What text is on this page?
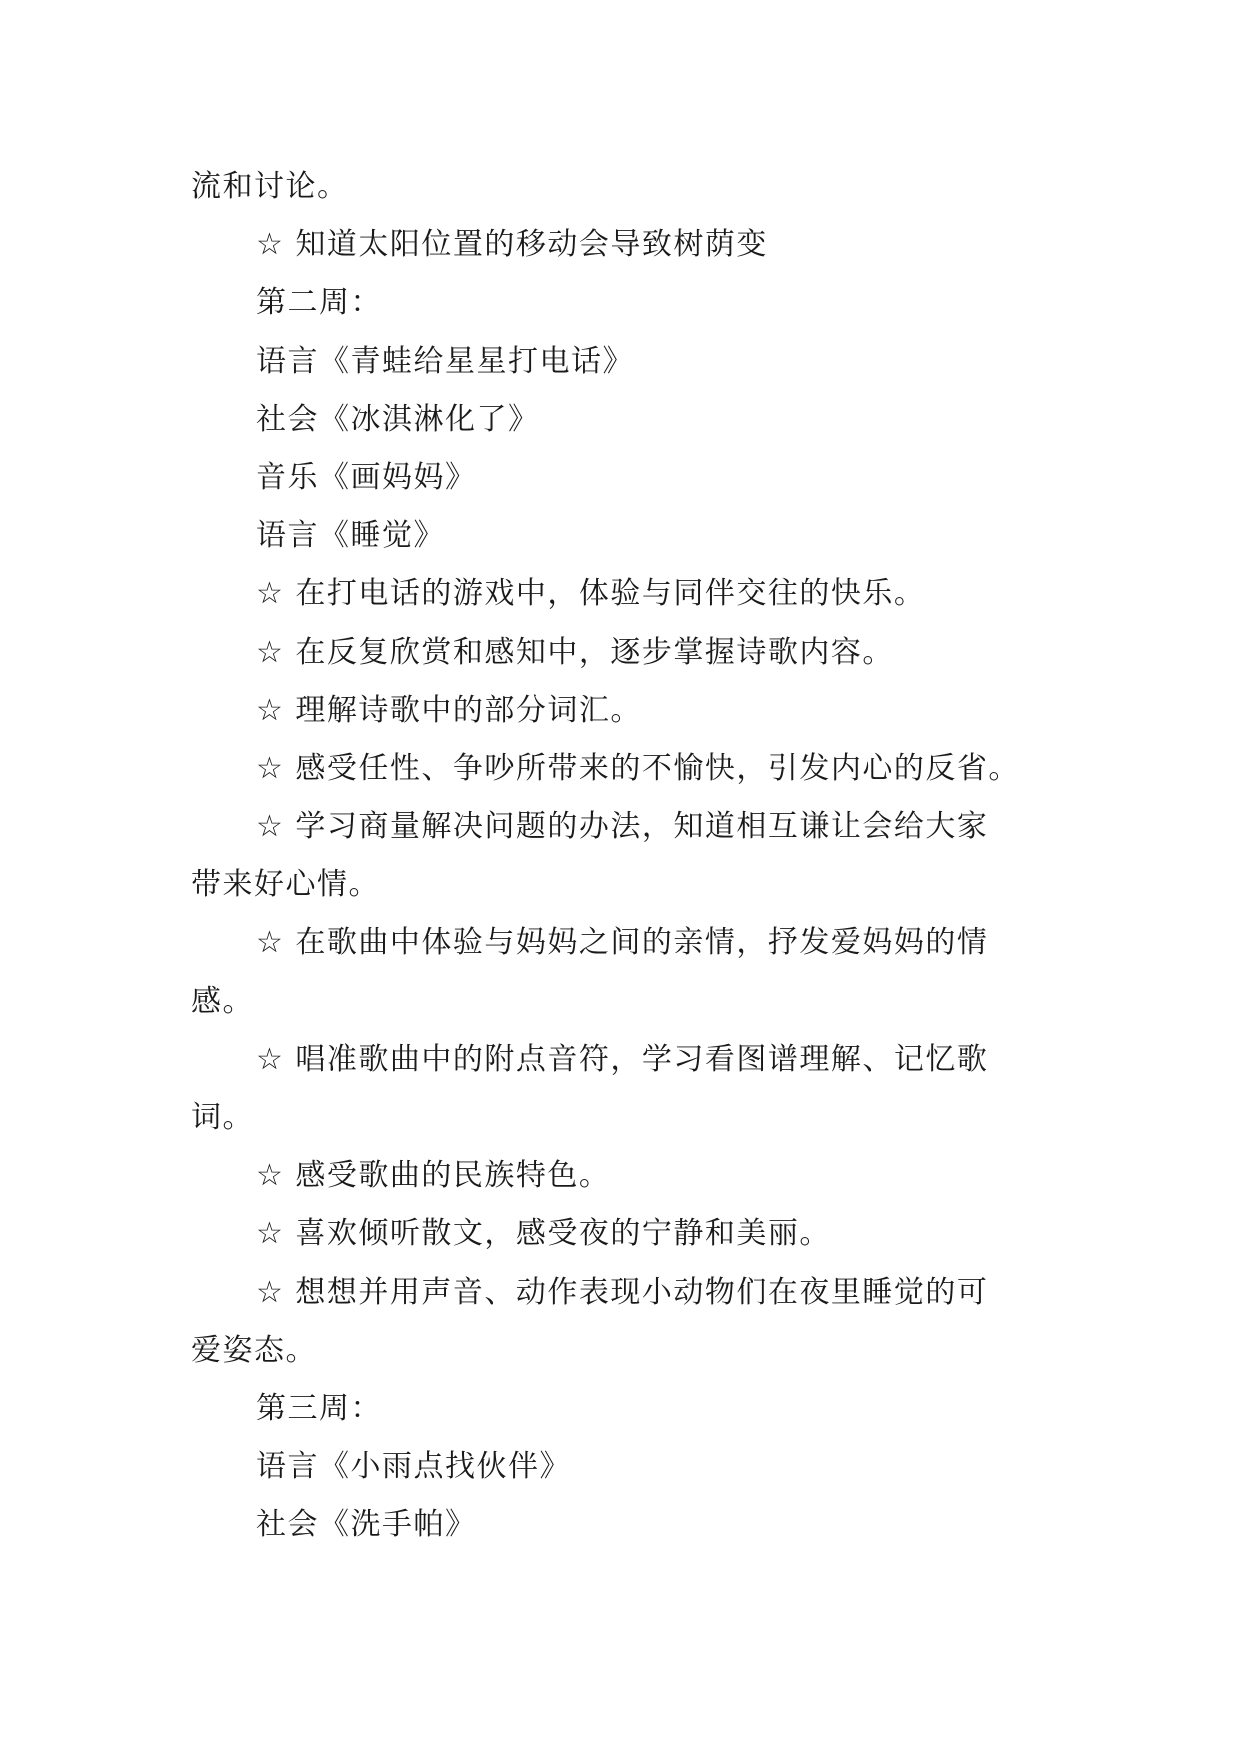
流和讨论。

☆ 知道太阳位置的移动会导致树荫变

第二周：

语言《青蛙给星星打电话》

社会《冰淇淋化了》

音乐《画妈妈》

语言《睡觉》

☆ 在打电话的游戏中，体验与同伴交往的快乐。

☆ 在反复欣赏和感知中，逐步掌握诗歌内容。

☆ 理解诗歌中的部分词汇。

☆ 感受任性、争吵所带来的不愉快，引发内心的反省。

☆ 学习商量解决问题的办法，知道相互谦让会给大家

带来好心情。

☆ 在歌曲中体验与妈妈之间的亲情，抒发爱妈妈的情

感。

☆ 唱准歌曲中的附点音符，学习看图谱理解、记忆歌

词。

☆ 感受歌曲的民族特色。

☆ 喜欢倾听散文，感受夜的宁静和美丽。

☆ 想想并用声音、动作表现小动物们在夜里睡觉的可

爱姿态。

第三周：

语言《小雨点找伙伴》

社会《洗手帕》
